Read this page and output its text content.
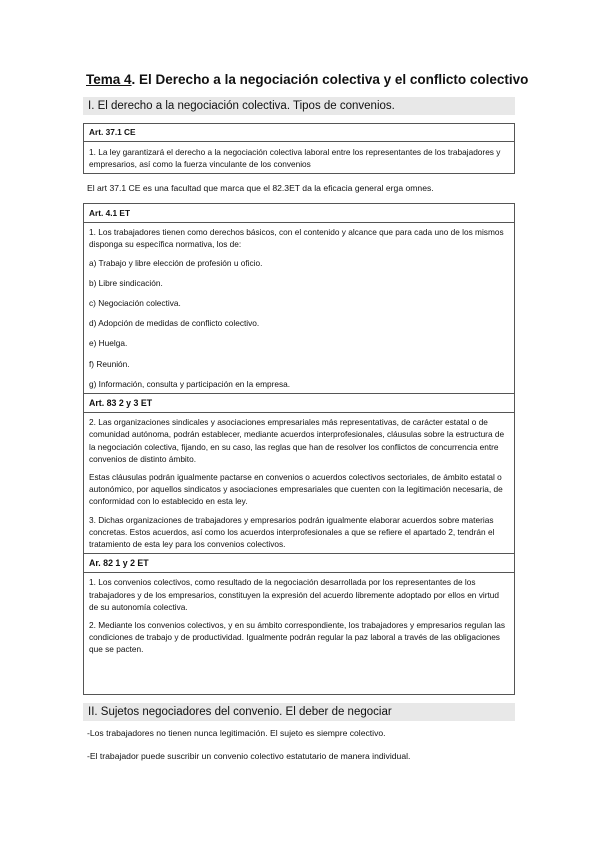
Tema 4. El Derecho a la negociación colectiva y el conflicto colectivo
I. El derecho a la negociación colectiva. Tipos de convenios.
Art. 37.1 CE
1. La ley garantizará el derecho a la negociación colectiva laboral entre los representantes de los trabajadores y empresarios, así como la fuerza vinculante de los convenios

El art 37.1 CE es una facultad que marca que el 82.3ET da la eficacia general erga omnes.

Art. 4.1 ET

1. Los trabajadores tienen como derechos básicos, con el contenido y alcance que para cada uno de los mismos disponga su específica normativa, los de:

a) Trabajo y libre elección de profesión u oficio.

b) Libre sindicación.

c) Negociación colectiva.

d) Adopción de medidas de conflicto colectivo.

e) Huelga.

f) Reunión.

g) Información, consulta y participación en la empresa.

Art. 83 2 y 3 ET

2. Las organizaciones sindicales y asociaciones empresariales más representativas, de carácter estatal o de comunidad autónoma, podrán establecer, mediante acuerdos interprofesionales, cláusulas sobre la estructura de la negociación colectiva, fijando, en su caso, las reglas que han de resolver los conflictos de concurrencia entre convenios de distinto ámbito.

Estas cláusulas podrán igualmente pactarse en convenios o acuerdos colectivos sectoriales, de ámbito estatal o autonómico, por aquellos sindicatos y asociaciones empresariales que cuenten con la legitimación necesaria, de conformidad con lo establecido en esta ley.

3. Dichas organizaciones de trabajadores y empresarios podrán igualmente elaborar acuerdos sobre materias concretas. Estos acuerdos, así como los acuerdos interprofesionales a que se refiere el apartado 2, tendrán el tratamiento de esta ley para los convenios colectivos.

Ar. 82 1 y 2 ET

1. Los convenios colectivos, como resultado de la negociación desarrollada por los representantes de los trabajadores y de los empresarios, constituyen la expresión del acuerdo libremente adoptado por ellos en virtud de su autonomía colectiva.

2. Mediante los convenios colectivos, y en su ámbito correspondiente, los trabajadores y empresarios regulan las condiciones de trabajo y de productividad. Igualmente podrán regular la paz laboral a través de las obligaciones que se pacten.

II. Sujetos negociadores del convenio. El deber de negociar

-Los trabajadores no tienen nunca legitimación. El sujeto es siempre colectivo.

-El trabajador puede suscribir un convenio colectivo estatutario de manera individual.
